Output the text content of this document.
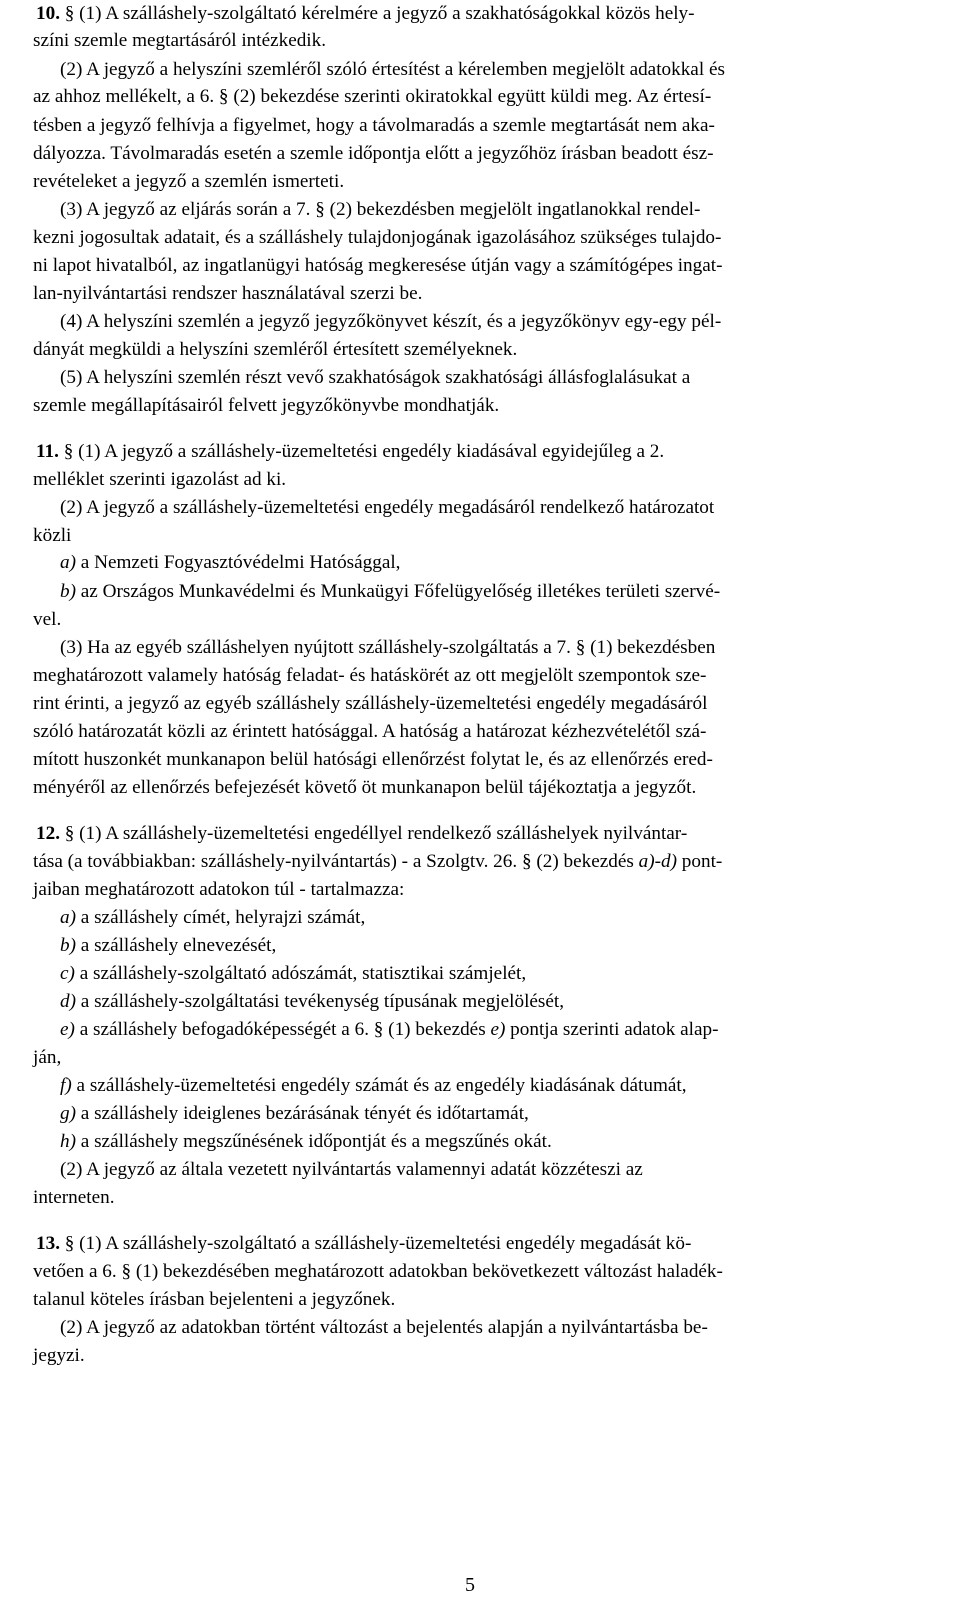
10. § (1) A szálláshely-szolgáltató kérelmére a jegyző a szakhatóságokkal közös hely-
színi szemle megtartásáról intézkedik.
(2) A jegyző a helyszíni szemléről szóló értesítést a kérelemben megjelölt adatokkal és
az ahhoz mellékelt, a 6. § (2) bekezdése szerinti okiratokkal együtt küldi meg. Az értesí-
tésben a jegyző felhívja a figyelmet, hogy a távolmaradás a szemle megtartását nem aka-
dályozza. Távolmaradás esetén a szemle időpontja előtt a jegyzőhöz írásban beadott ész-
revételeket a jegyző a szemlén ismerteti.
(3) A jegyző az eljárás során a 7. § (2) bekezdésben megjelölt ingatlanokkal rendel-
kezni jogosultak adatait, és a szálláshely tulajdonjogának igazolásához szükséges tulajdo-
ni lapot hivatalból, az ingatlanügyi hatóság megkeresése útján vagy a számítógépes ingat-
lan-nyilvántartási rendszer használatával szerzi be.
(4) A helyszíni szemlén a jegyző jegyzőkönyvet készít, és a jegyzőkönyv egy-egy pél-
dányát megküldi a helyszíni szemléről értesített személyeknek.
(5) A helyszíni szemlén részt vevő szakhatóságok szakhatósági állásfoglalásukat a
szemle megállapításairól felvett jegyzőkönyvbe mondhatják.
11. § (1) A jegyző a szálláshely-üzemeltetési engedély kiadásával egyidejűleg a 2.
melléklet szerinti igazolást ad ki.
(2) A jegyző a szálláshely-üzemeltetési engedély megadásáról rendelkező határozatot
közli
a) a Nemzeti Fogyasztóvédelmi Hatósággal,
b) az Országos Munkavédelmi és Munkaügyi Főfelügyelőség illetékes területi szervé-
vel.
(3) Ha az egyéb szálláshelyen nyújtott szálláshely-szolgáltatás a 7. § (1) bekezdésben
meghatározott valamely hatóság feladat- és hatáskörét az ott megjelölt szempontok sze-
rint érinti, a jegyző az egyéb szálláshely szálláshely-üzemeltetési engedély megadásáról
szóló határozatát közli az érintett hatósággal. A hatóság a határozat kézhezvételétől szá-
mított huszonkét munkanapon belül hatósági ellenőrzést folytat le, és az ellenőrzés ered-
ményéről az ellenőrzés befejezését követő öt munkanapon belül tájékoztatja a jegyzőt.
12. § (1) A szálláshely-üzemeltetési engedéllyel rendelkező szálláshelyek nyilvántar-
tása (a továbbiakban: szálláshely-nyilvántartás) - a Szolgtv. 26. § (2) bekezdés a)-d) pont-
jaiban meghatározott adatokon túl - tartalmazza:
a) a szálláshely címét, helyrajzi számát,
b) a szálláshely elnevezését,
c) a szálláshely-szolgáltató adószámát, statisztikai számjelét,
d) a szálláshely-szolgáltatási tevékenység típusának megjelölését,
e) a szálláshely befogadóképességét a 6. § (1) bekezdés e) pontja szerinti adatok alap-
ján,
f) a szálláshely-üzemeltetési engedély számát és az engedély kiadásának dátumát,
g) a szálláshely ideiglenes bezárásának tényét és időtartamát,
h) a szálláshely megszűnésének időpontját és a megszűnés okát.
(2) A jegyző az általa vezetett nyilvántartás valamennyi adatát közzéteszi az
interneten.
13. § (1) A szálláshely-szolgáltató a szálláshely-üzemeltetési engedély megadását kö-
vetően a 6. § (1) bekezdésében meghatározott adatokban bekövetkezett változást haladék-
talanul köteles írásban bejelenteni a jegyzőnek.
(2) A jegyző az adatokban történt változást a bejelentés alapján a nyilvántartásba be-
jegyzi.
5
